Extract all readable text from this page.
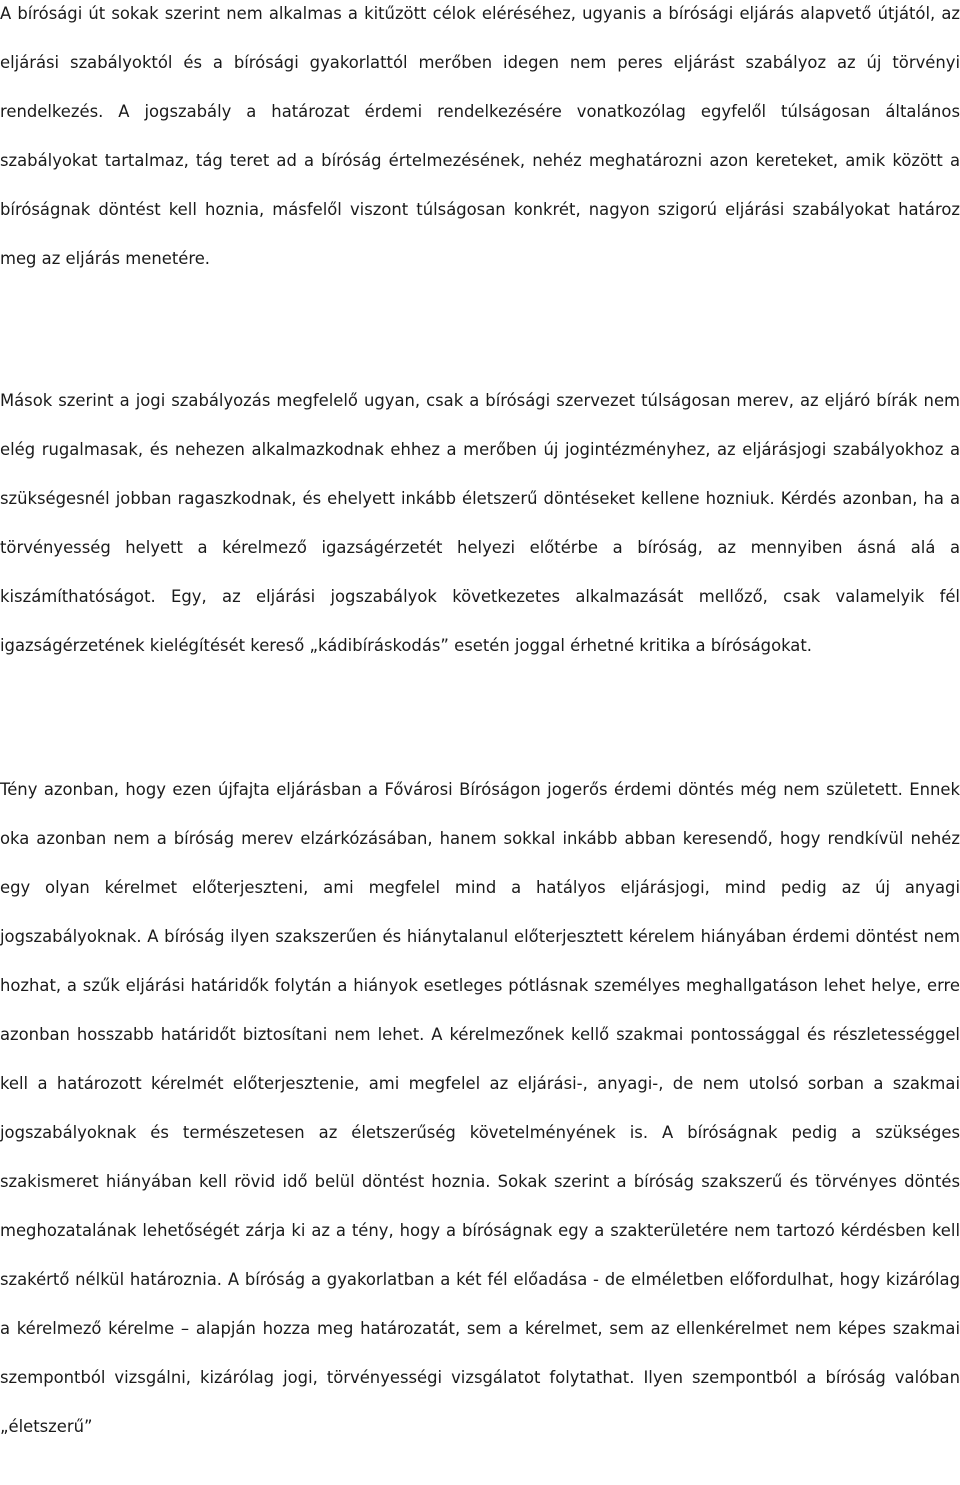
A bírósági út sokak szerint nem alkalmas a kitűzött célok eléréséhez, ugyanis a bírósági eljárás alapvető útjától, az eljárási szabályoktól és a bírósági gyakorlattól merőben idegen nem peres eljárást szabályoz az új törvényi rendelkezés. A jogszabály a határozat érdemi rendelkezésére vonatkozólag egyfelől túlságosan általános szabályokat tartalmaz, tág teret ad a bíróság értelmezésének, nehéz meghatározni azon kereteket, amik között a bíróságnak döntést kell hoznia, másfelől viszont túlságosan konkrét, nagyon szigorú eljárási szabályokat határoz meg az eljárás menetére.

Mások szerint a jogi szabályozás megfelelő ugyan, csak a bírósági szervezet túlságosan merev, az eljáró bírák nem elég rugalmasak, és nehezen alkalmazkodnak ehhez a merőben új jogintézményhez, az eljárásjogi szabályokhoz a szükségesnél jobban ragaszkodnak, és ehelyett inkább életszerű döntéseket kellene hozniuk. Kérdés azonban, ha a törvényesség helyett a kérelmező igazságérzetét helyezi előtérbe a bíróság, az mennyiben ásná alá a kiszámíthatóságot. Egy, az eljárási jogszabályok következetes alkalmazását mellőző, csak valamelyik fél igazságérzetének kielégítését kereső „kádibíráskodás” esetén joggal érhetné kritika a bíróságokat.

Tény azonban, hogy ezen újfajta eljárásban a Fővárosi Bíróságon jogerős érdemi döntés még nem született. Ennek oka azonban nem a bíróság merev elzárkózásában, hanem sokkal inkább abban keresendő, hogy rendkívül nehéz egy olyan kérelmet előterjeszteni, ami megfelel mind a hatályos eljárásjogi, mind pedig az új anyagi jogszabályoknak. A bíróság ilyen szakszerűen és hiánytalanul előterjesztett kérelem hiányában érdemi döntést nem hozhat, a szűk eljárási határidők folytán a hiányok esetleges pótlásnak személyes meghallgatáson lehet helye, erre azonban hosszabb határidőt biztosítani nem lehet. A kérelmezőnek kellő szakmai pontossággal és részletességgel kell a határozott kérelmét előterjesztenie, ami megfelel az eljárási-, anyagi-, de nem utolsó sorban a szakmai jogszabályoknak és természetesen az életszerűség követelményének is. A bíróságnak pedig a szükséges szakismeret hiányában kell rövid idő belül döntést hoznia. Sokak szerint a bíróság szakszerű és törvényes döntés meghozatalának lehetőségét zárja ki az a tény, hogy a bíróságnak egy a szakterületére nem tartozó kérdésben kell szakértő nélkül határoznia. A bíróság a gyakorlatban a két fél előadása - de elméletben előfordulhat, hogy kizárólag a kérelmező kérelme – alapján hozza meg határozatát, sem a kérelmet, sem az ellenkérelmet nem képes szakmai szempontból vizsgálni, kizárólag jogi, törvényességi vizsgálatot folytathat. Ilyen szempontból a bíróság valóban „életszerű”
